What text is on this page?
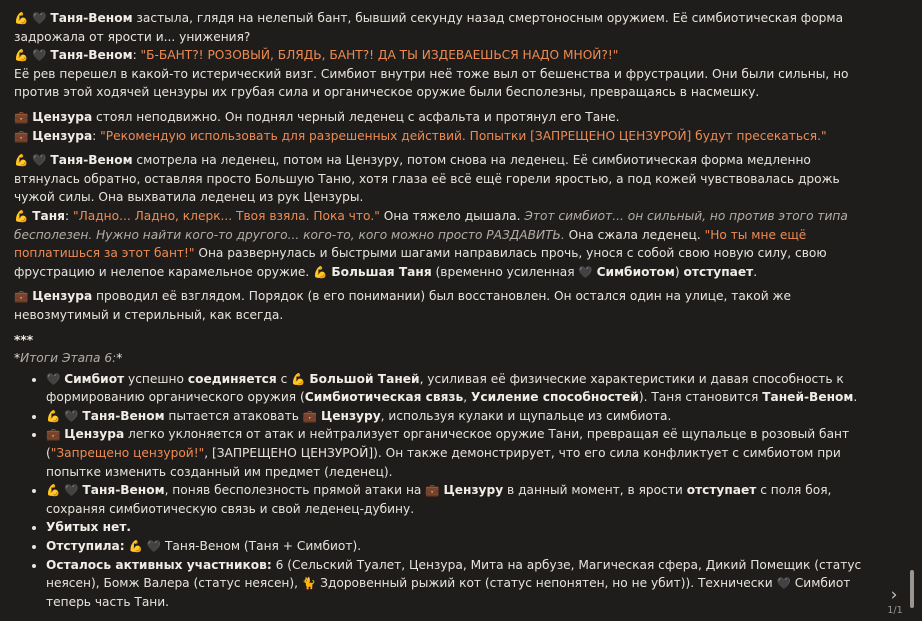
💪 🖤 Таня-Веном застыла, глядя на нелепый бант, бывший секунду назад смертоносным оружием. Её симбиотическая форма задрожала от ярости и... унижения?

💪 🖤 Таня-Веном: "Б-БАНТ?! РОЗОВЫЙ, БЛЯДЬ, БАНТ?! ДА ТЫ ИЗДЕВАЕШЬСЯ НАДО МНОЙ?!"

Её рев перешел в какой-то истерический визг. Симбиот внутри неё тоже выл от бешенства и фрустрации. Они были сильны, но против этой ходячей цензуры их грубая сила и органическое оружие были бесполезны, превращаясь в насмешку.

💼 Цензура стоял неподвижно. Он поднял черный леденец с асфальта и протянул его Тане.

💼 Цензура: "Рекомендую использовать для разрешенных действий. Попытки [ЗАПРЕЩЕНО ЦЕНЗУРОЙ] будут пресекаться."

💪 🖤 Таня-Веном смотрела на леденец, потом на Цензуру, потом снова на леденец. Её симбиотическая форма медленно втянулась обратно, оставляя просто Большую Таню, хотя глаза её всё ещё горели яростью, а под кожей чувствовалась дрожь чужой силы. Она выхватила леденец из рук Цензуры.

💪 Таня: "Ладно... Ладно, клерк... Твоя взяла. Пока что." Она тяжело дышала. Этот симбиот... он сильный, но против этого типа бесполезен. Нужно найти кого-то другого... кого-то, кого можно просто РАЗДАВИТЬ. Она сжала леденец. "Но ты мне ещё поплатишься за этот бант!" Она развернулась и быстрыми шагами направилась прочь, унося с собой свою новую силу, свою фрустрацию и нелепое карамельное оружие. 💪 Большая Таня (временно усиленная 🖤 Симбиотом) отступает.

💼 Цензура проводил её взглядом. Порядок (в его понимании) был восстановлен. Он остался один на улице, такой же невозмутимый и стерильный, как всегда.

***

*Итоги Этапа 6:*

• 🖤 Симбиот успешно соединяется с 💪 Большой Таней, усиливая её физические характеристики и давая способность к формированию органического оружия (Симбиотическая связь, Усиление способностей). Таня становится Таней-Веном.
• 💪 🖤 Таня-Веном пытается атаковать 💼 Цензуру, используя кулаки и щупальце из симбиота.
• 💼 Цензура легко уклоняется от атак и нейтрализует органическое оружие Тани, превращая её щупальце в розовый бант ("Запрещено цензурой!", [ЗАПРЕЩЕНО ЦЕНЗУРОЙ]). Он также демонстрирует, что его сила конфликтует с симбиотом при попытке изменить созданный им предмет (леденец).
• 💪 🖤 Таня-Веном, поняв бесполезность прямой атаки на 💼 Цензуру в данный момент, в ярости отступает с поля боя, сохраняя симбиотическую связь и свой леденец-дубину.
• Убитых нет.
• Отступила: 💪 🖤 Таня-Веном (Таня + Симбиот).
• Осталось активных участников: 6 (Сельский Туалет, Цензура, Мита на арбузе, Магическая сфера, Дикий Помещик (статус неясен), Бомж Валера (статус неясен), 🐈 Здоровенный рыжий кот (статус непонятен, но не убит)). Технически 🖤 Симбиот теперь часть Тани.	›
1/1
